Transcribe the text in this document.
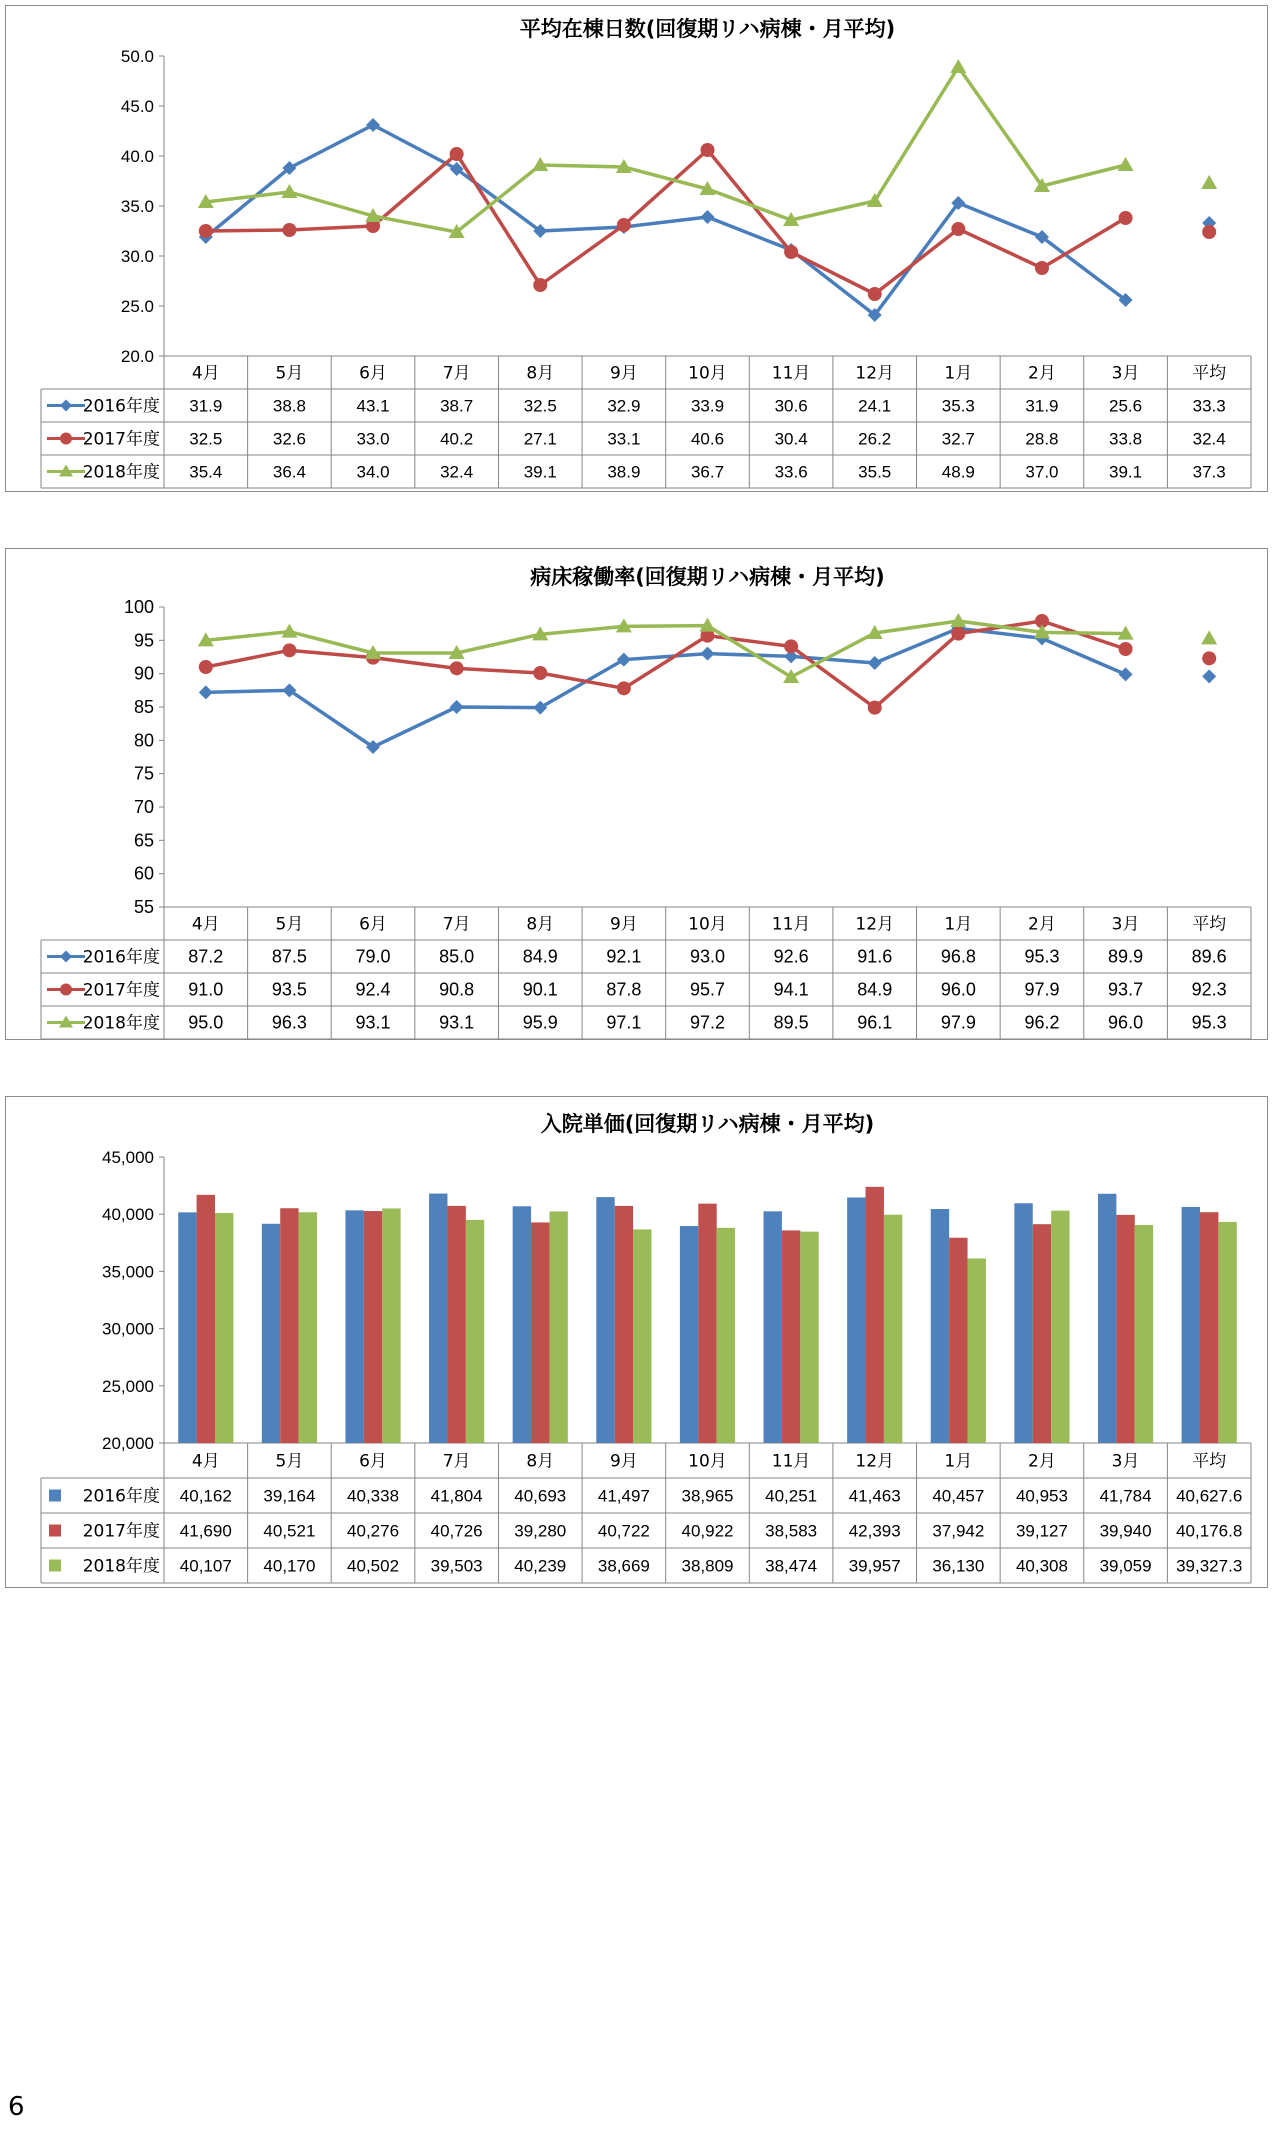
平均在棟日数(回復期リハ病棟・月平均)
20.0
25.0
30.0
35.0
40.0
45.0
50.0
4月	5月	6月	7月	8月	9月	10月	11月	12月	1月	2月	3月	平均
2016年度 31.9	38.8	43.1	38.7	32.5	32.9	33.9	30.6	24.1	35.3	31.9	25.6	33.3
2017年度 32.5	32.6	33.0	40.2	27.1	33.1	40.6	30.4	26.2	32.7	28.8	33.8	32.4
2018年度 35.4	36.4	34.0	32.4	39.1	38.9	36.7	33.6	35.5	48.9	37.0	39.1	37.3
病床稼働率(回復期リハ病棟・月平均)
55
60
65
70
75
80
85
90
95
100
4月	5月	6月	7月	8月	9月	10月	11月	12月	1月	2月	3月	平均
2016年度 87.2	87.5	79.0	85.0	84.9	92.1	93.0	92.6	91.6	96.8	95.3	89.9	89.6
2017年度 91.0	93.5	92.4	90.8	90.1	87.8	95.7	94.1	84.9	96.0	97.9	93.7	92.3
2018年度 95.0	96.3	93.1	93.1	95.9	97.1	97.2	89.5	96.1	97.9	96.2	96.0	95.3
入院単価(回復期リハ病棟・月平均)
20,000
25,000
30,000
35,000
40,000
45,000
4月	5月	6月	7月	8月	9月	10月	11月	12月	1月	2月	3月	平均
2016年度 40,162 39,164 40,338 41,804 40,693 41,497 38,965 40,251 41,463 40,457 40,953 41,784 40,627.6
2017年度 41,690 40,521 40,276 40,726 39,280 40,722 40,922 38,583 42,393 37,942 39,127 39,940 40,176.8
2018年度 40,107 40,170 40,502 39,503 40,239 38,669 38,809 38,474 39,957 36,130 40,308 39,059 39,327.3
6
